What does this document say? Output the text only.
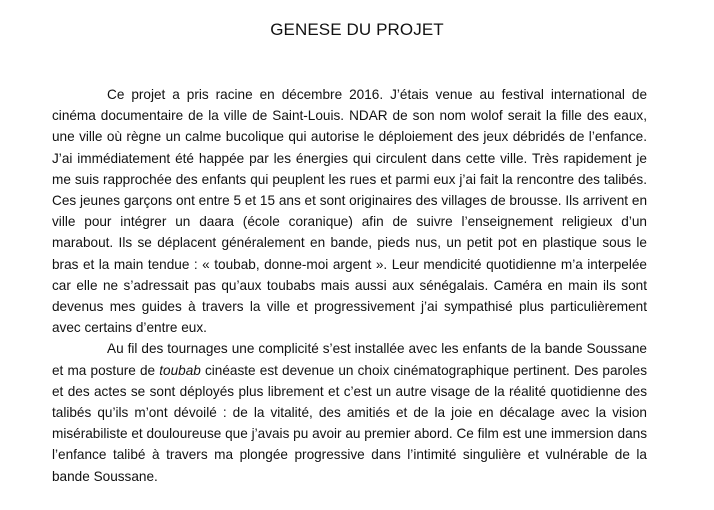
GENESE DU PROJET

Ce projet a pris racine en décembre 2016. J’étais venue au festival international de cinéma documentaire de la ville de Saint-Louis. NDAR de son nom wolof serait la fille des eaux, une ville où règne un calme bucolique qui autorise le déploiement des jeux débridés de l’enfance. J’ai immédiatement été happée par les énergies qui circulent dans cette ville. Très rapidement je me suis rapprochée des enfants qui peuplent les rues et parmi eux j’ai fait la rencontre des talibés. Ces jeunes garçons ont entre 5 et 15 ans et sont originaires des villages de brousse. Ils arrivent en ville pour intégrer un daara (école coranique) afin de suivre l’enseignement religieux d’un marabout. Ils se déplacent généralement en bande, pieds nus, un petit pot en plastique sous le bras et la main tendue : « toubab, donne-moi argent ». Leur mendicité quotidienne m’a interpelée car elle ne s’adressait pas qu’aux toubabs mais aussi aux sénégalais. Caméra en main ils sont devenus mes guides à travers la ville et progressivement j’ai sympathisé plus particulièrement avec certains d’entre eux.

Au fil des tournages une complicité s’est installée avec les enfants de la bande Soussane et ma posture de toubab cinéaste est devenue un choix cinématographique pertinent. Des paroles et des actes se sont déployés plus librement et c’est un autre visage de la réalité quotidienne des talibés qu’ils m’ont dévoilé : de la vitalité, des amitiés et de la joie en décalage avec la vision misérabiliste et douloureuse que j’avais pu avoir au premier abord. Ce film est une immersion dans l’enfance talibé à travers ma plongée progressive dans l’intimité singulière et vulnérable de la bande Soussane.
